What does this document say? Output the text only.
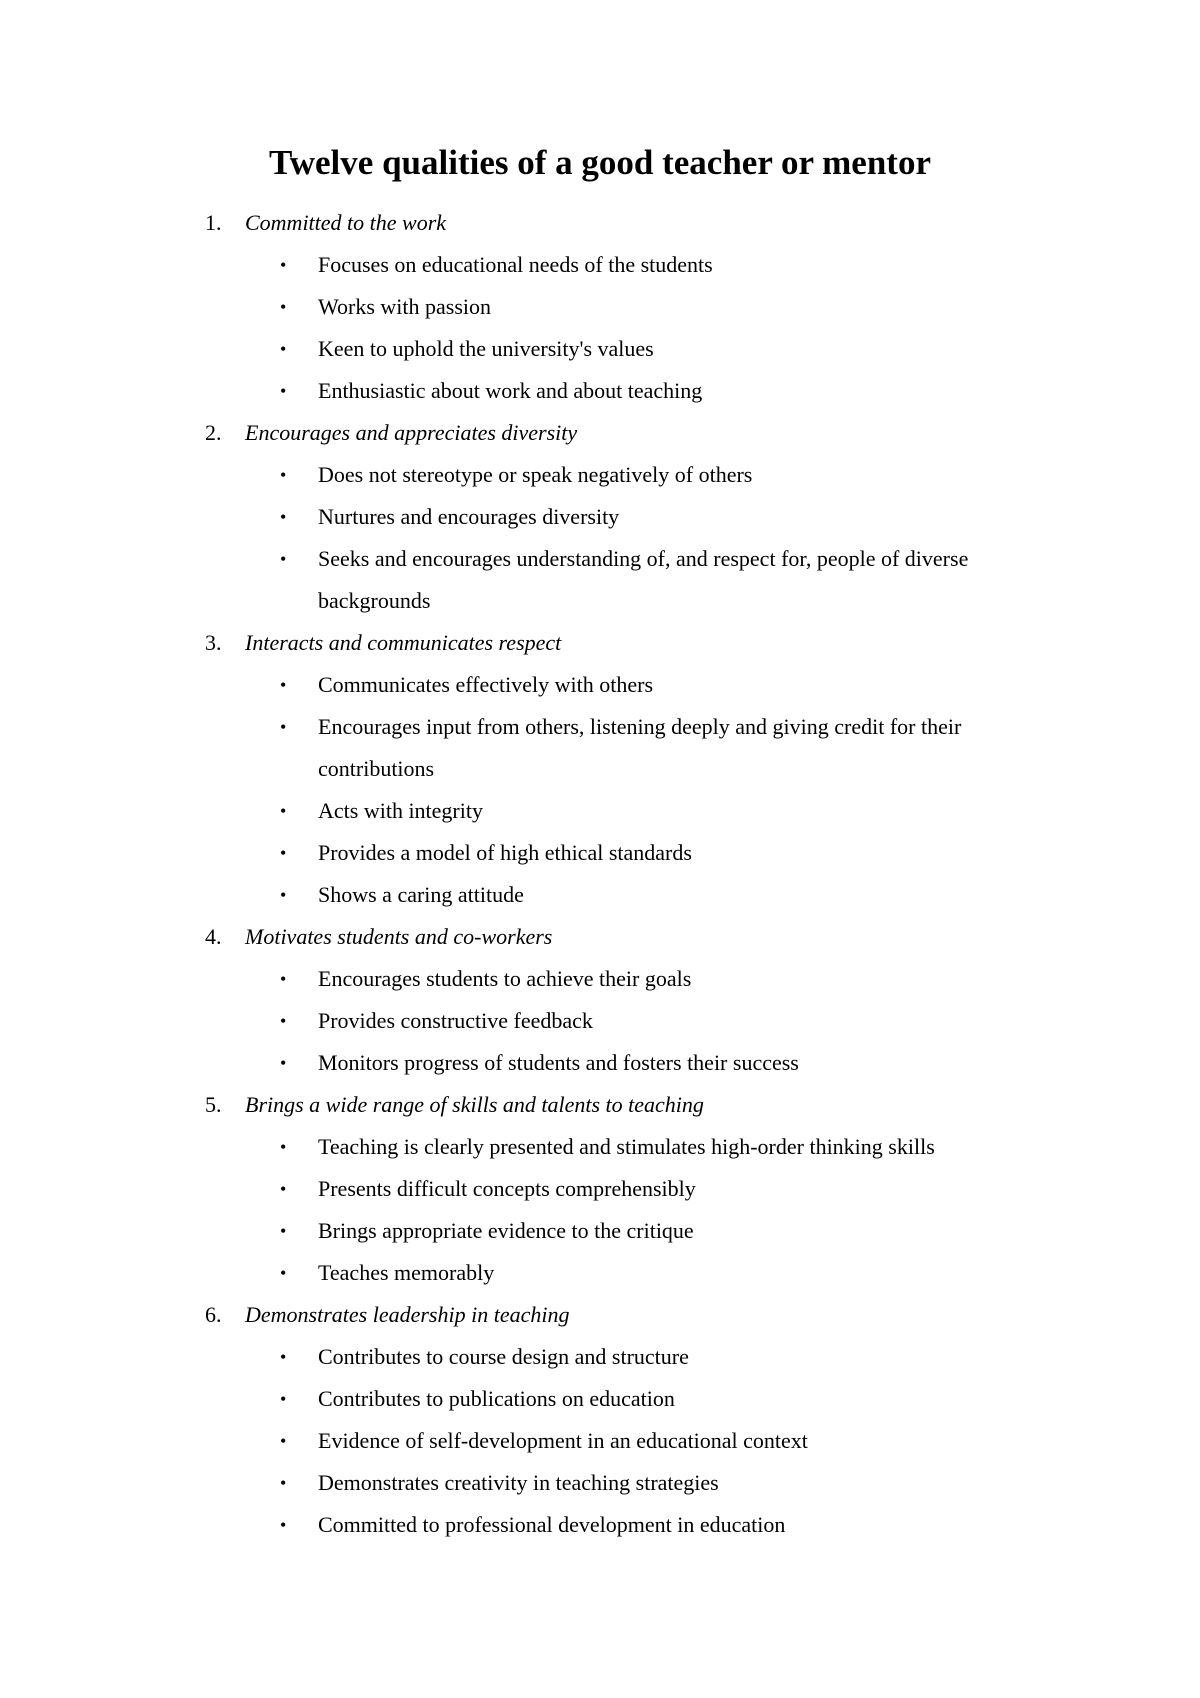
Twelve qualities of a good teacher or mentor
1. Committed to the work
• Focuses on educational needs of the students
• Works with passion
• Keen to uphold the university's values
• Enthusiastic about work and about teaching
2. Encourages and appreciates diversity
• Does not stereotype or speak negatively of others
• Nurtures and encourages diversity
• Seeks and encourages understanding of, and respect for, people of diverse backgrounds
3. Interacts and communicates respect
• Communicates effectively with others
• Encourages input from others, listening deeply and giving credit for their contributions
• Acts with integrity
• Provides a model of high ethical standards
• Shows a caring attitude
4. Motivates students and co-workers
• Encourages students to achieve their goals
• Provides constructive feedback
• Monitors progress of students and fosters their success
5. Brings a wide range of skills and talents to teaching
• Teaching is clearly presented and stimulates high-order thinking skills
• Presents difficult concepts comprehensibly
• Brings appropriate evidence to the critique
• Teaches memorably
6. Demonstrates leadership in teaching
• Contributes to course design and structure
• Contributes to publications on education
• Evidence of self-development in an educational context
• Demonstrates creativity in teaching strategies
• Committed to professional development in education
